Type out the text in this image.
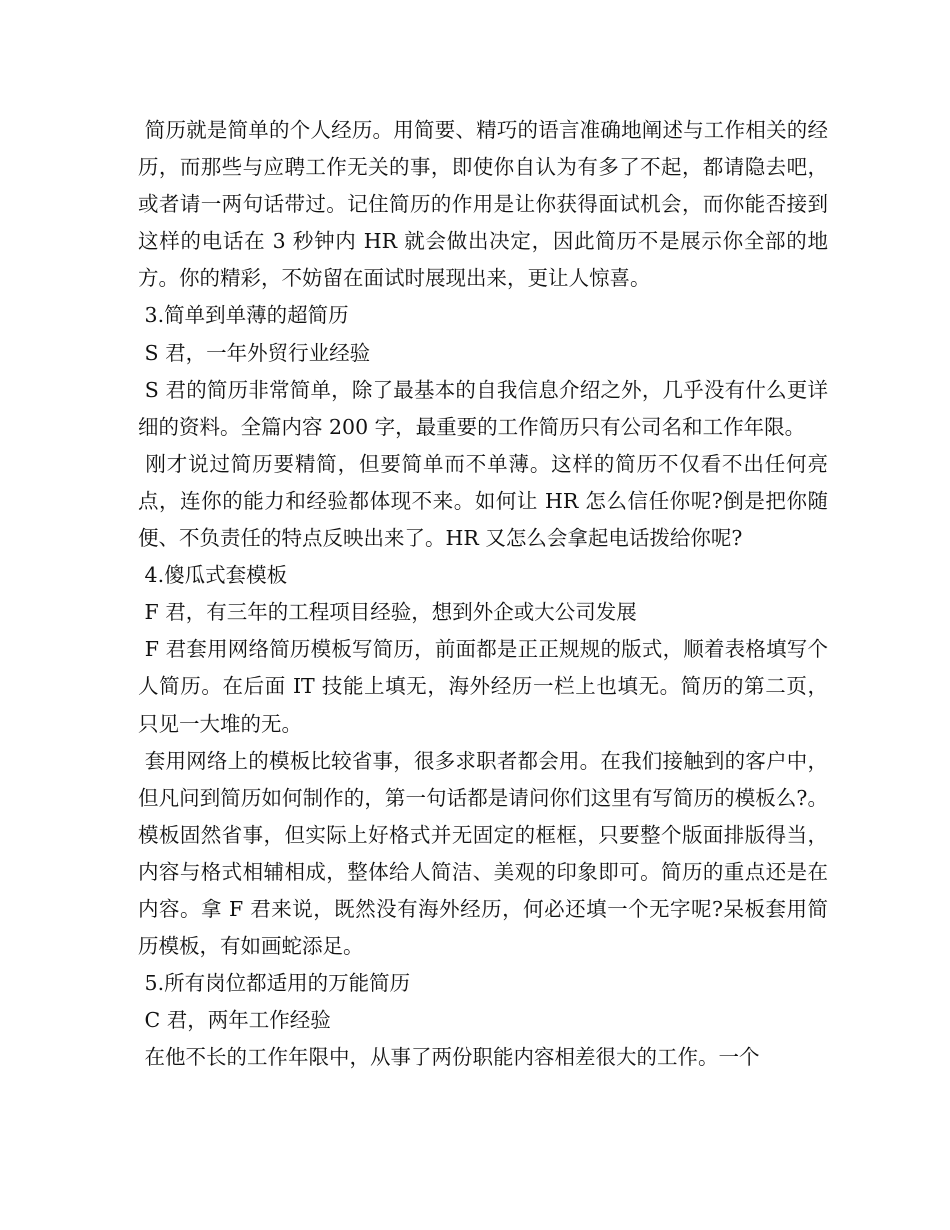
简历就是简单的个人经历。用简要、精巧的语言准确地阐述与工作相关的经历，而那些与应聘工作无关的事，即使你自认为有多了不起，都请隐去吧，或者请一两句话带过。记住简历的作用是让你获得面试机会，而你能否接到这样的电话在 3 秒钟内 HR 就会做出决定，因此简历不是展示你全部的地方。你的精彩，不妨留在面试时展现出来，更让人惊喜。

3.简单到单薄的超简历

S 君，一年外贸行业经验

S 君的简历非常简单，除了最基本的自我信息介绍之外，几乎没有什么更详细的资料。全篇内容 200 字，最重要的工作简历只有公司名和工作年限。

刚才说过简历要精简，但要简单而不单薄。这样的简历不仅看不出任何亮点，连你的能力和经验都体现不来。如何让 HR 怎么信任你呢?倒是把你随便、不负责任的特点反映出来了。HR 又怎么会拿起电话拨给你呢?

4.傻瓜式套模板

F 君，有三年的工程项目经验，想到外企或大公司发展

F 君套用网络简历模板写简历，前面都是正正规规的版式，顺着表格填写个人简历。在后面 IT 技能上填无，海外经历一栏上也填无。简历的第二页，只见一大堆的无。

套用网络上的模板比较省事，很多求职者都会用。在我们接触到的客户中，但凡问到简历如何制作的，第一句话都是请问你们这里有写简历的模板么?。模板固然省事，但实际上好格式并无固定的框框，只要整个版面排版得当，内容与格式相辅相成，整体给人简洁、美观的印象即可。简历的重点还是在内容。拿 F 君来说，既然没有海外经历，何必还填一个无字呢?呆板套用简历模板，有如画蛇添足。

5.所有岗位都适用的万能简历

C 君，两年工作经验

在他不长的工作年限中，从事了两份职能内容相差很大的工作。一个
